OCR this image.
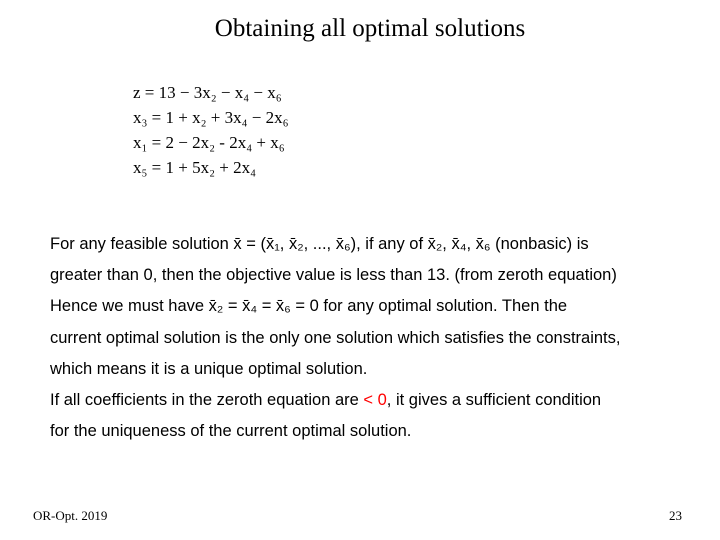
Obtaining all optimal solutions
z = 13 − 3x₂ − x₄ − x₆
x₃ = 1 + x₂ + 3x₄ − 2x₆
x₁ = 2 − 2x₂ - 2x₄ + x₆
x₅ = 1 + 5x₂ + 2x₄
For any feasible solution x̄ = (x̄₁, x̄₂, ..., x̄₆), if any of x̄₂, x̄₄, x̄₆ (nonbasic) is
greater than 0, then the objective value is less than 13. (from zeroth equation)
Hence we must have x̄₂ = x̄₄ = x̄₆ = 0 for any optimal solution. Then the
current optimal solution is the only one solution which satisfies the constraints,
which means it is a unique optimal solution.
If all coefficients in the zeroth equation are < 0, it gives a sufficient condition
for the uniqueness of the current optimal solution.
OR-Opt. 2019	23
